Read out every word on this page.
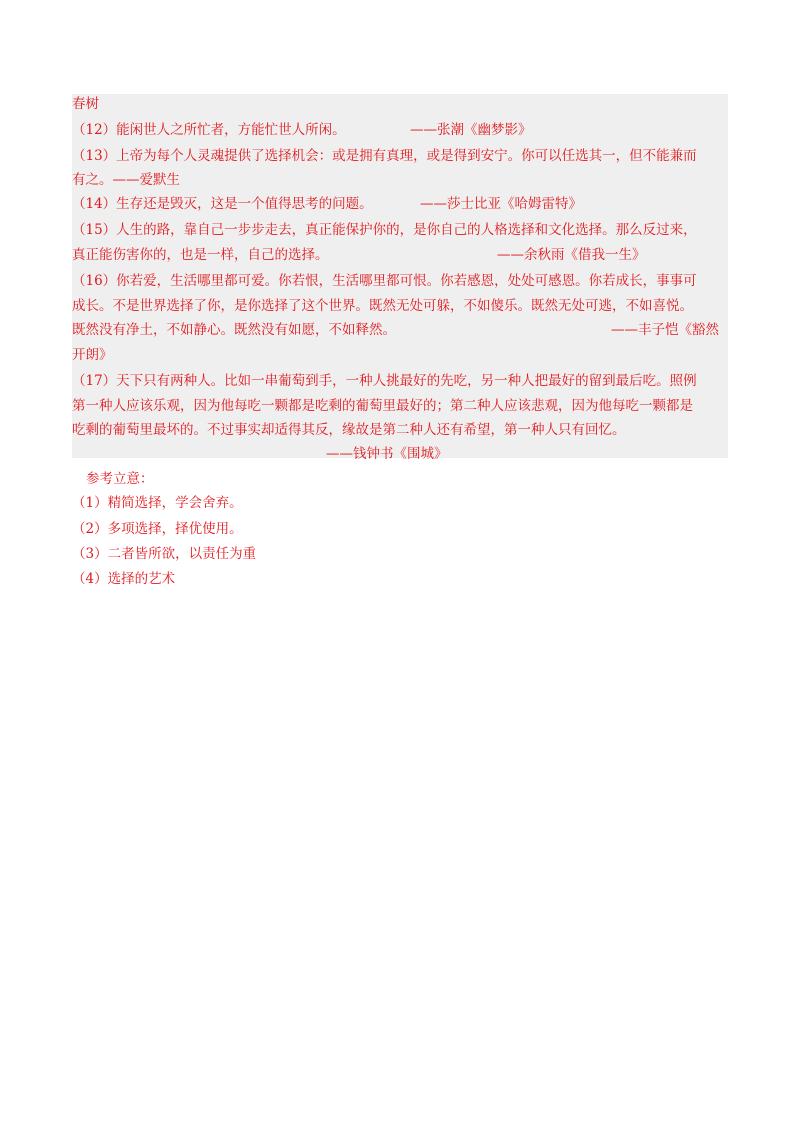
春树
（12）能闲世人之所忙者，方能忙世人所闲。	——张潮《幽梦影》
（13）上帝为每个人灵魂提供了选择机会：或是拥有真理，或是得到安宁。你可以任选其一，但不能兼而
有之。——爱默生
（14）生存还是毁灭，这是一个值得思考的问题。	——莎士比亚《哈姆雷特》
（15）人生的路，靠自己一步步走去，真正能保护你的，是你自己的人格选择和文化选择。那么反过来，
真正能伤害你的，也是一样，自己的选择。	——余秋雨《借我一生》
（16）你若爱，生活哪里都可爱。你若恨，生活哪里都可恨。你若感恩，处处可感恩。你若成长，事事可
成长。不是世界选择了你，是你选择了这个世界。既然无处可躲，不如傻乐。既然无处可逃，不如喜悦。
既然没有净土，不如静心。既然没有如愿，不如释然。	——丰子恺《豁然
开朗》
（17）天下只有两种人。比如一串葡萄到手，一种人挑最好的先吃，另一种人把最好的留到最后吃。照例
第一种人应该乐观，因为他每吃一颗都是吃剩的葡萄里最好的；第二种人应该悲观，因为他每吃一颗都是
吃剩的葡萄里最坏的。不过事实却适得其反，缘故是第二种人还有希望，第一种人只有回忆。
——钱钟书《围城》
参考立意：
（1）精简选择，学会舍弃。
（2）多项选择，择优使用。
（3）二者皆所欲，以责任为重
（4）选择的艺术
